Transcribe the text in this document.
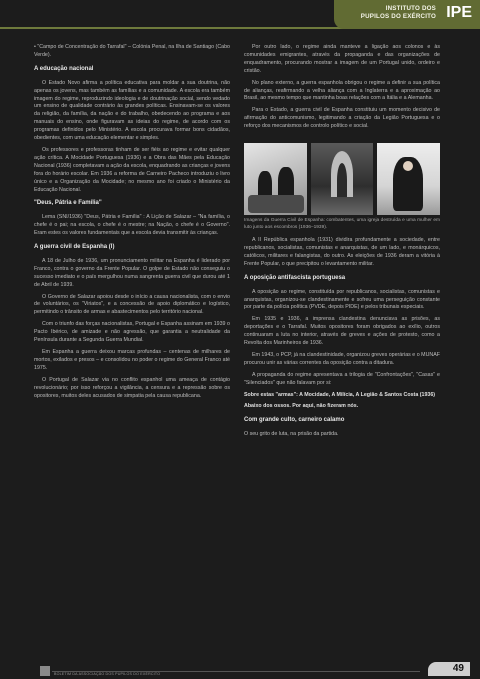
INSTITUTO DOS
PUPILOS DO EXÉRCITO IPE

• "Campo de Concentração do Tarrafal" – Colónia Penal, na Ilha de Santiago (Cabo Verde).

A educação nacional

O Estado Novo afirma a política educativa para moldar a sua doutrina, não apenas os jovens, mas também as famílias e a comunidade. A escola era também imagem do regime, reproduzindo ideologia e de doutrinação social, sendo vedado um ensino de qualidade contrário às grandes políticas. Ensinavam-se os valores da religião, da família, da nação e do trabalho, obedecendo ao programa e aos manuais do ensino, onde figuravam as ideias do regime, de acordo com os programas definidos pelo Ministério. A escola procurava formar bons cidadãos, obedientes, com uma educação elementar e simples.

Os professores e professoras tinham de ser fiéis ao regime e evitar qualquer ação crítica. A Mocidade Portuguesa (1936) e a Obra das Mães pela Educação Nacional (1936) completavam a ação da escola, enquadrando as crianças e jovens fora do horário escolar. Em 1936 a reforma de Carneiro Pacheco introduziu o livro único e a Organização da Mocidade; no mesmo ano foi criado o Ministério da Educação Nacional.

"Deus, Pátria e Família"

Lema (SNI/1936) "Deus, Pátria e Família" : A Lição de Salazar – "Na família, o chefe é o pai; na escola, o chefe é o mestre; na Nação, o chefe é o Governo". Eram estes os valores fundamentais que a escola devia transmitir às crianças.

A guerra civil de Espanha (I)

A 18 de Julho de 1936, um pronunciamento militar na Espanha é liderado por Franco, contra o governo da Frente Popular. O golpe de Estado não conseguiu o sucesso imediato e o país mergulhou numa sangrenta guerra civil que durou até 1 de Abril de 1939.

O Governo de Salazar apoiou desde o início a causa nacionalista, com o envio de voluntários, os "Viriatos", e a concessão de apoio diplomático e logístico, permitindo o trânsito de armas e abastecimentos pelo território nacional.

Com o triunfo das forças nacionalistas, Portugal e Espanha assinam em 1939 o Pacto Ibérico, de amizade e não agressão, que garantia a neutralidade da Península durante a Segunda Guerra Mundial.

Em Espanha a guerra deixou marcas profundas – centenas de milhares de mortos, exilados e presos – e consolidou no poder o regime do General Franco até 1975.

O Portugal de Salazar via no conflito espanhol uma ameaça de contágio revolucionário; por isso reforçou a vigilância, a censura e a repressão sobre os opositores, muitos deles acusados de simpatia pela causa republicana.

Por outro lado, o regime ainda manteve a ligação aos colonos e às comunidades emigrantes, através da propaganda e das organizações de enquadramento, procurando mostrar a imagem de um Portugal unido, ordeiro e cristão.

No plano externo, a guerra espanhola obrigou o regime a definir a sua política de alianças, reafirmando a velha aliança com a Inglaterra e a aproximação ao Brasil, ao mesmo tempo que mantinha boas relações com a Itália e a Alemanha.

Para o Estado, a guerra civil de Espanha constituiu um momento decisivo de afirmação do anticomunismo, legitimando a criação da Legião Portuguesa e o reforço dos mecanismos de controlo político e social.

Imagens da Guerra Civil de Espanha: combatentes, uma igreja destruída e uma mulher em luto junto aos escombros (1936–1939).

A II República espanhola (1931) dividira profundamente a sociedade, entre republicanos, socialistas, comunistas e anarquistas, de um lado, e monárquicos, católicos, militares e falangistas, do outro. As eleições de 1936 deram a vitória à Frente Popular, o que precipitou o levantamento militar.

A oposição antifascista portuguesa

A oposição ao regime, constituída por republicanos, socialistas, comunistas e anarquistas, organizou-se clandestinamente e sofreu uma perseguição constante por parte da polícia política (PVDE, depois PIDE) e pelos tribunais especiais.

Em 1935 e 1936, a imprensa clandestina denunciava as prisões, as deportações e o Tarrafal. Muitos opositores foram obrigados ao exílio, outros continuaram a luta no interior, através de greves e ações de protesto, como a Revolta dos Marinheiros de 1936.

Em 1943, o PCP, já na clandestinidade, organizou greves operárias e o MUNAF procurou unir as várias correntes da oposição contra a ditadura.

A propaganda do regime apresentava a trilogia de "Confrontações", "Casas" e "Silenciados" que não falavam por si:

Sobre estas "armas": A Mocidade, A Milícia, A Legião & Santos Costa (1936)

Abaixo dos ossos. Por aqui, não fizeram nós.

Com grande culto, carneiro calamo

O seu grito de luta, na prisão da partida.

BOLETIM DA ASSOCIAÇÃO DOS PUPILOS DO EXÉRCITO	49
